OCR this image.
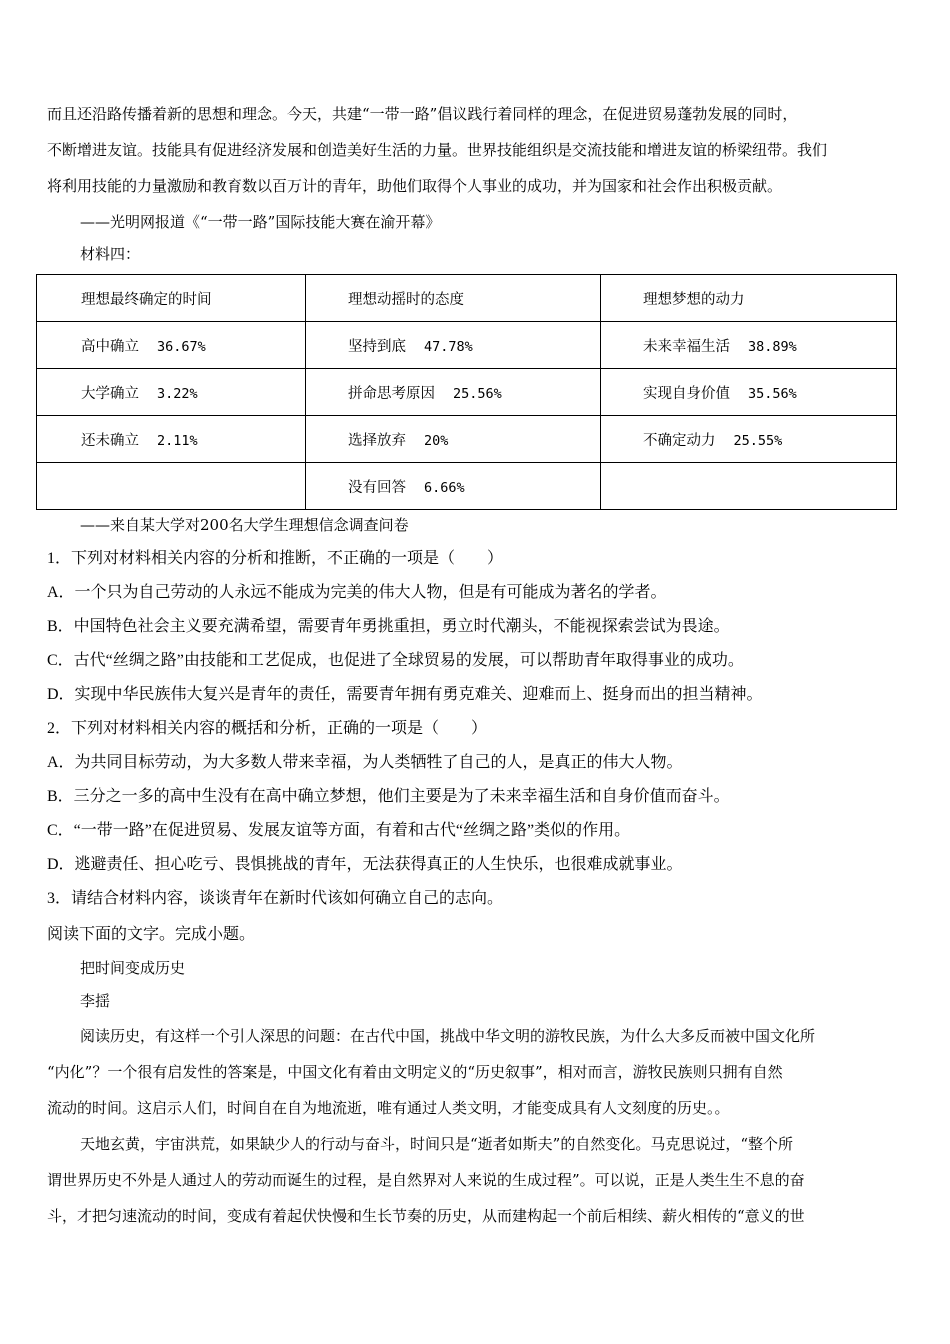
而且还沿路传播着新的思想和理念。今天，共建“一带一路”倡议践行着同样的理念，在促进贸易蓬勃发展的同时，
不断增进友谊。技能具有促进经济发展和创造美好生活的力量。世界技能组织是交流技能和增进友谊的桥梁纽带。我们
将利用技能的力量激励和教育数以百万计的青年，助他们取得个人事业的成功，并为国家和社会作出积极贡献。
——光明网报道《“一带一路”国际技能大赛在渝开幕》
材料四：
理想最终确定的时间	理想动摇时的态度	理想梦想的动力
高中确立 36.67%	坚持到底 47.78%	未来幸福生活 38.89%
大学确立 3.22%	拼命思考原因 25.56%	实现自身价值 35.56%
还未确立 2.11%	选择放弃 20%	不确定动力 25.55%
	没有回答 6.66%	
——来自某大学对200名大学生理想信念调查问卷
1．下列对材料相关内容的分析和推断，不正确的一项是（　　）
A．一个只为自己劳动的人永远不能成为完美的伟大人物，但是有可能成为著名的学者。
B．中国特色社会主义要充满希望，需要青年勇挑重担，勇立时代潮头，不能视探索尝试为畏途。
C．古代“丝绸之路”由技能和工艺促成，也促进了全球贸易的发展，可以帮助青年取得事业的成功。
D．实现中华民族伟大复兴是青年的责任，需要青年拥有勇克难关、迎难而上、挺身而出的担当精神。
2．下列对材料相关内容的概括和分析，正确的一项是（　　）
A．为共同目标劳动，为大多数人带来幸福，为人类牺牲了自己的人，是真正的伟大人物。
B．三分之一多的高中生没有在高中确立梦想，他们主要是为了未来幸福生活和自身价值而奋斗。
C．“一带一路”在促进贸易、发展友谊等方面，有着和古代“丝绸之路”类似的作用。
D．逃避责任、担心吃亏、畏惧挑战的青年，无法获得真正的人生快乐，也很难成就事业。
3．请结合材料内容，谈谈青年在新时代该如何确立自己的志向。
阅读下面的文字。完成小题。
把时间变成历史
李揺
阅读历史，有这样一个引人深思的问题：在古代中国，挑战中华文明的游牧民族，为什么大多反而被中国文化所
“内化”？一个很有启发性的答案是，中国文化有着由文明定义的“历史叙事”，相对而言，游牧民族则只拥有自然
流动的时间。这启示人们，时间自在自为地流逝，唯有通过人类文明，才能变成具有人文刻度的历史。。
天地玄黄，宇宙洪荒，如果缺少人的行动与奋斗，时间只是“逝者如斯夫”的自然变化。马克思说过，“整个所
谓世界历史不外是人通过人的劳动而诞生的过程，是自然界对人来说的生成过程”。可以说，正是人类生生不息的奋
斗，才把匀速流动的时间，变成有着起伏快慢和生长节奏的历史，从而建构起一个前后相续、薪火相传的“意义的世
